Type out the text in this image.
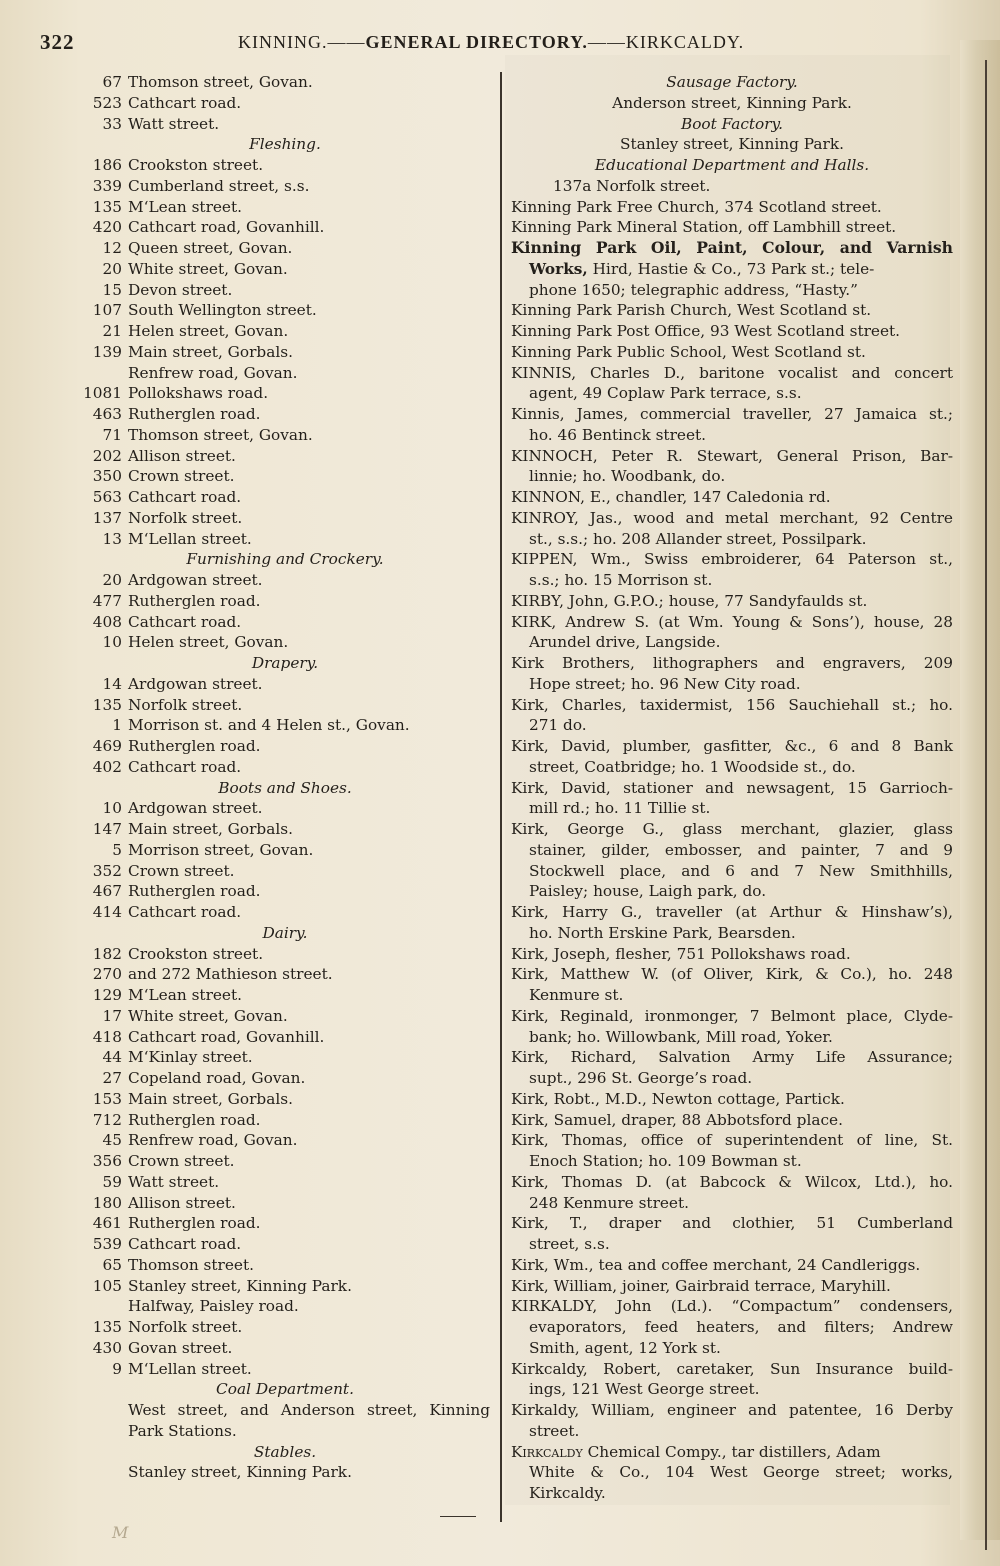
322	KINNING.——GENERAL DIRECTORY.——KIRKCALDY.
67 Thomson street, Govan.
523 Cathcart road.
33 Watt street.
Fleshing.
186 Crookston street.
339 Cumberland street, s.s.
135 M‘Lean street.
420 Cathcart road, Govanhill.
12 Queen street, Govan.
20 White street, Govan.
15 Devon street.
107 South Wellington street.
21 Helen street, Govan.
139 Main street, Gorbals.
Renfrew road, Govan.
1081 Pollokshaws road.
463 Rutherglen road.
71 Thomson street, Govan.
202 Allison street.
350 Crown street.
563 Cathcart road.
137 Norfolk street.
13 M‘Lellan street.
Furnishing and Crockery.
20 Ardgowan street.
477 Rutherglen road.
408 Cathcart road.
10 Helen street, Govan.
Drapery.
14 Ardgowan street.
135 Norfolk street.
1 Morrison st. and 4 Helen st., Govan.
469 Rutherglen road.
402 Cathcart road.
Boots and Shoes.
10 Ardgowan street.
147 Main street, Gorbals.
5 Morrison street, Govan.
352 Crown street.
467 Rutherglen road.
414 Cathcart road.
Dairy.
182 Crookston street.
270 and 272 Mathieson street.
129 M‘Lean street.
17 White street, Govan.
418 Cathcart road, Govanhill.
44 M‘Kinlay street.
27 Copeland road, Govan.
153 Main street, Gorbals.
712 Rutherglen road.
45 Renfrew road, Govan.
356 Crown street.
59 Watt street.
180 Allison street.
461 Rutherglen road.
539 Cathcart road.
65 Thomson street.
105 Stanley street, Kinning Park.
Halfway, Paisley road.
135 Norfolk street.
430 Govan street.
9 M‘Lellan street.
Coal Department.
West street, and Anderson street, Kinning
Park Stations.
Stables.
Stanley street, Kinning Park.
Sausage Factory.
Anderson street, Kinning Park.
Boot Factory.
Stanley street, Kinning Park.
Educational Department and Halls.
137a Norfolk street.
Kinning Park Free Church, 374 Scotland street.
Kinning Park Mineral Station, off Lambhill street.
Kinning Park Oil, Paint, Colour, and Varnish
Works, Hird, Hastie & Co., 73 Park st.; tele-
phone 1650; telegraphic address, “Hasty.”
Kinning Park Parish Church, West Scotland st.
Kinning Park Post Office, 93 West Scotland street.
Kinning Park Public School, West Scotland st.
KINNIS, Charles D., baritone vocalist and concert
agent, 49 Coplaw Park terrace, s.s.
Kinnis, James, commercial traveller, 27 Jamaica st.;
ho. 46 Bentinck street.
KINNOCH, Peter R. Stewart, General Prison, Bar-
linnie; ho. Woodbank, do.
KINNON, E., chandler, 147 Caledonia rd.
KINROY, Jas., wood and metal merchant, 92 Centre
st., s.s.; ho. 208 Allander street, Possilpark.
KIPPEN, Wm., Swiss embroiderer, 64 Paterson st.,
s.s.; ho. 15 Morrison st.
KIRBY, John, G.P.O.; house, 77 Sandyfaulds st.
KIRK, Andrew S. (at Wm. Young & Sons’), house, 28
Arundel drive, Langside.
Kirk Brothers, lithographers and engravers, 209
Hope street; ho. 96 New City road.
Kirk, Charles, taxidermist, 156 Sauchiehall st.; ho.
271 do.
Kirk, David, plumber, gasfitter, &c., 6 and 8 Bank
street, Coatbridge; ho. 1 Woodside st., do.
Kirk, David, stationer and newsagent, 15 Garrioch-
mill rd.; ho. 11 Tillie st.
Kirk, George G., glass merchant, glazier, glass
stainer, gilder, embosser, and painter, 7 and 9
Stockwell place, and 6 and 7 New Smithhills,
Paisley; house, Laigh park, do.
Kirk, Harry G., traveller (at Arthur & Hinshaw’s),
ho. North Erskine Park, Bearsden.
Kirk, Joseph, flesher, 751 Pollokshaws road.
Kirk, Matthew W. (of Oliver, Kirk, & Co.), ho. 248
Kenmure st.
Kirk, Reginald, ironmonger, 7 Belmont place, Clyde-
bank; ho. Willowbank, Mill road, Yoker.
Kirk, Richard, Salvation Army Life Assurance;
supt., 296 St. George’s road.
Kirk, Robt., M.D., Newton cottage, Partick.
Kirk, Samuel, draper, 88 Abbotsford place.
Kirk, Thomas, office of superintendent of line, St.
Enoch Station; ho. 109 Bowman st.
Kirk, Thomas D. (at Babcock & Wilcox, Ltd.), ho.
248 Kenmure street.
Kirk, T., draper and clothier, 51 Cumberland
street, s.s.
Kirk, Wm., tea and coffee merchant, 24 Candleriggs.
Kirk, William, joiner, Gairbraid terrace, Maryhill.
KIRKALDY, John (Ld.). “Compactum” condensers,
evaporators, feed heaters, and filters; Andrew
Smith, agent, 12 York st.
Kirkcaldy, Robert, caretaker, Sun Insurance build-
ings, 121 West George street.
Kirkaldy, William, engineer and patentee, 16 Derby
street.
Kirkcaldy Chemical Compy., tar distillers, Adam
White & Co., 104 West George street; works,
Kirkcaldy.
M
